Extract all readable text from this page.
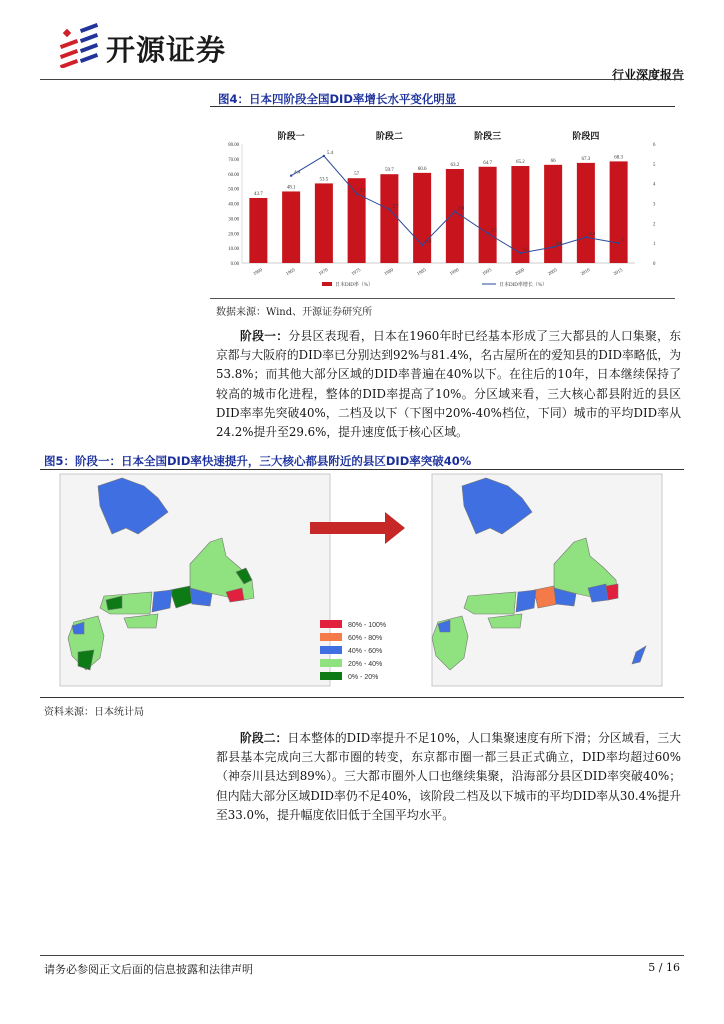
开源证券
行业深度报告
图4：日本四阶段全国DID率增长水平变化明显
阶段一	阶段二	阶段三	阶段四
0.00
10.00
20.00
30.00
40.00
50.00
60.00
70.00
80.00
0
1
2
3
4
5
6
43.7
48.1
53.5
57
59.7	60.6
63.2	64.7	65.2	66	67.3	68.3
4.4
5.4
3.5
2.7
0.9
2.6
1.5
0.5
0.8
1.3
1
1960	1965	1970	1975	1980	1985	1990	1995	2000	2005	2010	2015
日本DID率（%）	日本DID率增长（%）
数据来源：Wind、开源证券研究所
阶段一：分县区表现看，日本在1960年时已经基本形成了三大都县的人口集聚，东京都与大阪府的DID率已分别达到92%与81.4%，名古屋所在的爱知县的DID率略低，为53.8%；而其他大部分区域的DID率普遍在40%以下。在往后的10年，日本继续保持了较高的城市化进程，整体的DID率提高了10%。分区域来看，三大核心都县附近的县区DID率率先突破40%，二档及以下（下图中20%-40%档位，下同）城市的平均DID率从24.2%提升至29.6%，提升速度低于核心区域。
图5：阶段一：日本全国DID率快速提升，三大核心都县附近的县区DID率突破40%
80% - 100%
60% - 80%
40% - 60%
20% - 40%
0% - 20%
资料来源：日本统计局
阶段二：日本整体的DID率提升不足10%，人口集聚速度有所下滑；分区域看，三大都县基本完成向三大都市圈的转变，东京都市圈一都三县正式确立，DID率均超过60%（神奈川县达到89%）。三大都市圈外人口也继续集聚，沿海部分县区DID率突破40%；但内陆大部分区域DID率仍不足40%，该阶段二档及以下城市的平均DID率从30.4%提升至33.0%，提升幅度依旧低于全国平均水平。
请务必参阅正文后面的信息披露和法律声明	5 / 16
